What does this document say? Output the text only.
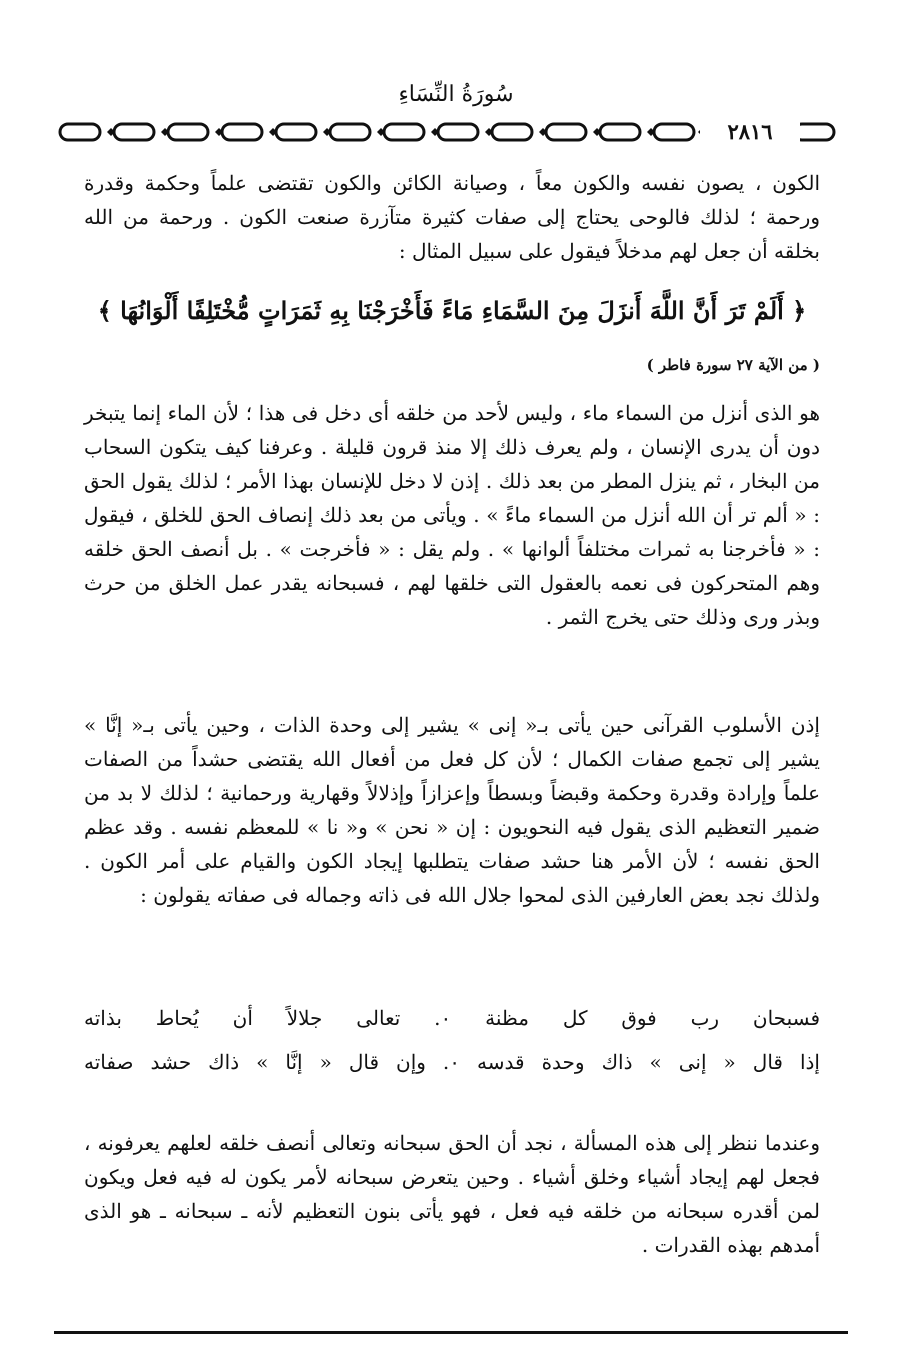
سُورَةُ النِّسَاءِ
٢٨١٦
الكون ، يصون نفسه والكون معاً ، وصيانة الكائن والكون تقتضى علماً وحكمة وقدرة ورحمة ؛ لذلك فالوحى يحتاج إلى صفات كثيرة متآزرة صنعت الكون . ورحمة من الله بخلقه أن جعل لهم مدخلاً فيقول على سبيل المثال :
﴿ أَلَمْ تَرَ أَنَّ اللَّهَ أَنزَلَ مِنَ السَّمَاءِ مَاءً فَأَخْرَجْنَا بِهِ ثَمَرَاتٍ مُّخْتَلِفًا أَلْوَانُهَا ﴾
( من الآية ٢٧ سورة فاطر )
هو الذى أنزل من السماء ماء ، وليس لأحد من خلقه أى دخل فى هذا ؛ لأن الماء إنما يتبخر دون أن يدرى الإنسان ، ولم يعرف ذلك إلا منذ قرون قليلة . وعرفنا كيف يتكون السحاب من البخار ، ثم ينزل المطر من بعد ذلك . إذن لا دخل للإنسان بهذا الأمر ؛ لذلك يقول الحق : « ألم تر أن الله أنزل من السماء ماءً » . ويأتى من بعد ذلك إنصاف الحق للخلق ، فيقول : « فأخرجنا به ثمرات مختلفاً ألوانها » . ولم يقل : « فأخرجت » . بل أنصف الحق خلقه وهم المتحركون فى نعمه بالعقول التى خلقها لهم ، فسبحانه يقدر عمل الخلق من حرث وبذر ورى وذلك حتى يخرج الثمر .
إذن الأسلوب القرآنى حين يأتى بـ« إنى » يشير إلى وحدة الذات ، وحين يأتى بـ« إنَّا » يشير إلى تجمع صفات الكمال ؛ لأن كل فعل من أفعال الله يقتضى حشداً من الصفات علماً وإرادة وقدرة وحكمة وقبضاً وبسطاً وإعزازاً وإذلالاً وقهارية ورحمانية ؛ لذلك لا بد من ضمير التعظيم الذى يقول فيه النحويون : إن « نحن » و« نا » للمعظم نفسه . وقد عظم الحق نفسه ؛ لأن الأمر هنا حشد صفات يتطلبها إيجاد الكون والقيام على أمر الكون . ولذلك نجد بعض العارفين الذى لمحوا جلال الله فى ذاته وجماله فى صفاته يقولون :
فسبحان رب فوق كل مظنة ٠. تعالى جلالاً أن يُحاط بذاته
إذا قال « إنى » ذاك وحدة قدسه ٠. وإن قال « إنَّا » ذاك حشد صفاته
وعندما ننظر إلى هذه المسألة ، نجد أن الحق سبحانه وتعالى أنصف خلقه لعلهم يعرفونه ، فجعل لهم إيجاد أشياء وخلق أشياء . وحين يتعرض سبحانه لأمر يكون له فيه فعل ويكون لمن أقدره سبحانه من خلقه فيه فعل ، فهو يأتى بنون التعظيم لأنه ـ سبحانه ـ هو الذى أمدهم بهذه القدرات .
